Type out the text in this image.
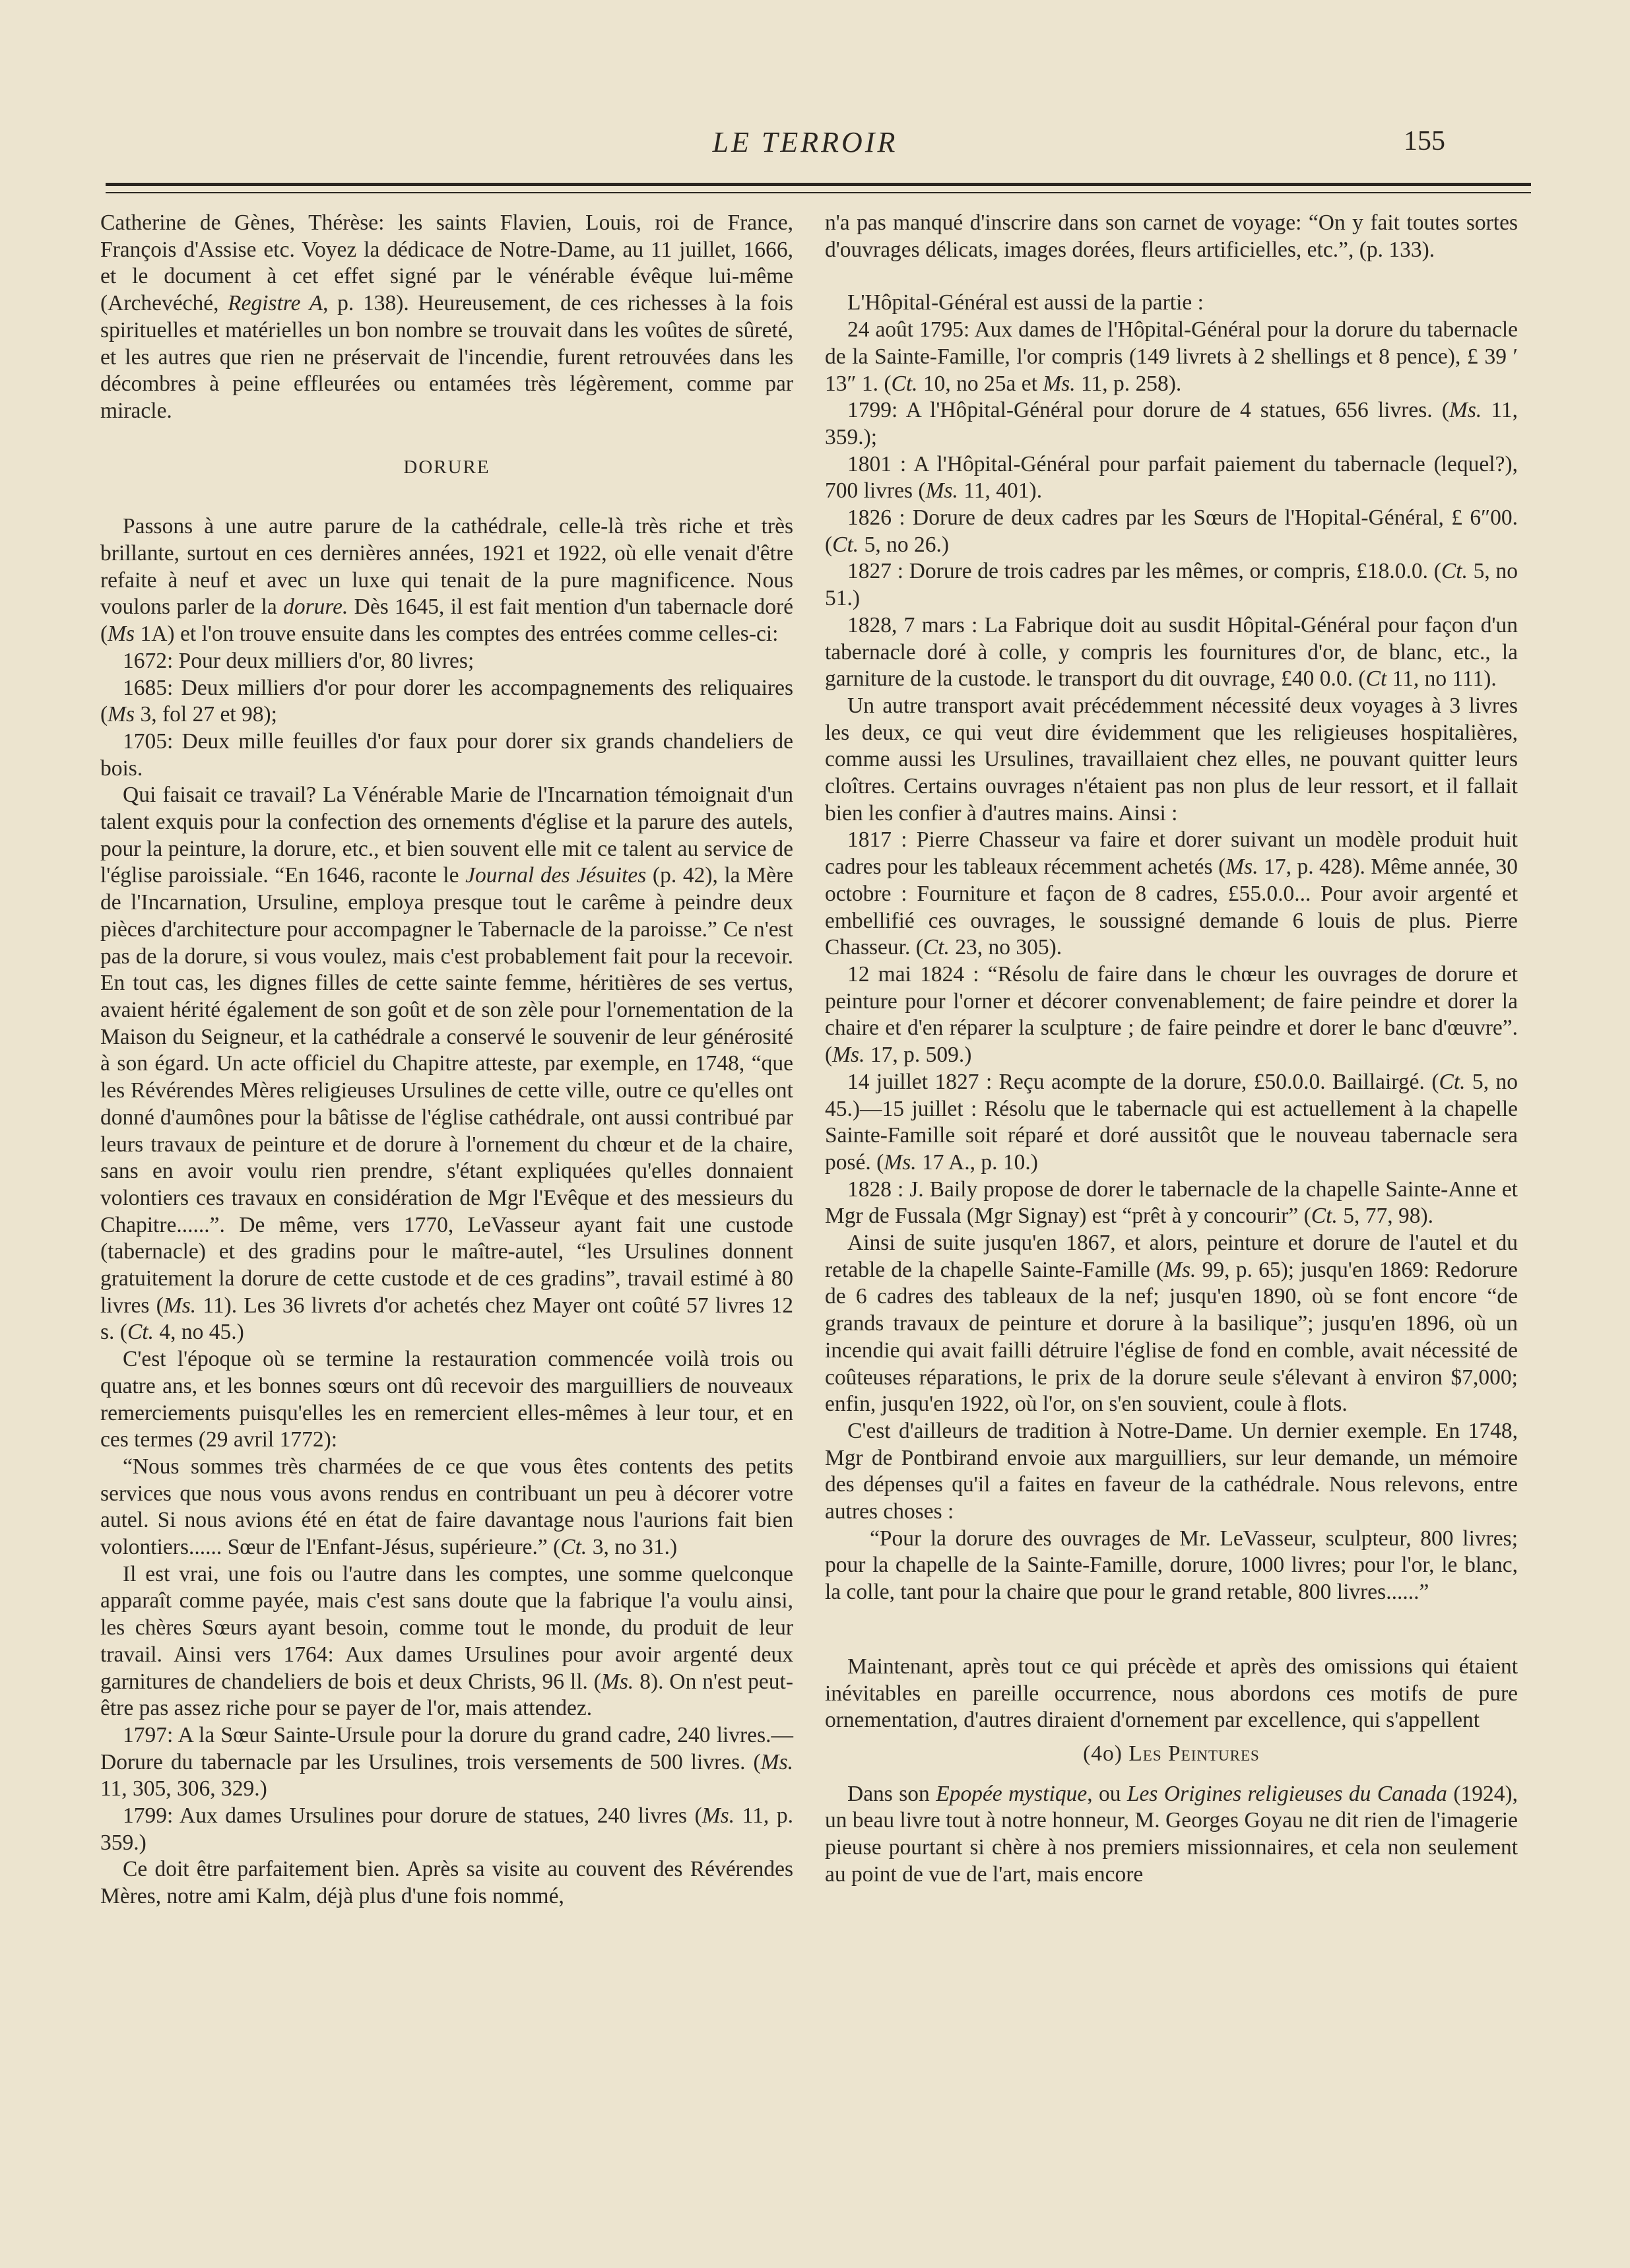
LE TERROIR	155

Catherine de Gènes, Thérèse: les saints Flavien, Louis, roi de France, François d'Assise etc. Voyez la dédicace de Notre-Dame, au 11 juillet, 1666, et le document à cet effet signé par le vénérable évêque lui-même (Archevéché, Registre A, p. 138). Heureusement, de ces richesses à la fois spirituelles et matérielles un bon nombre se trouvait dans les voûtes de sûreté, et les autres que rien ne préservait de l'incendie, furent retrouvées dans les décombres à peine effleurées ou entamées très légèrement, comme par miracle.

DORURE

Passons à une autre parure de la cathédrale, celle-là très riche et très brillante, surtout en ces dernières années, 1921 et 1922, où elle venait d'être refaite à neuf et avec un luxe qui tenait de la pure magnificence. Nous voulons parler de la dorure. Dès 1645, il est fait mention d'un tabernacle doré (Ms 1A) et l'on trouve ensuite dans les comptes des entrées comme celles-ci:

1672: Pour deux milliers d'or, 80 livres;

1685: Deux milliers d'or pour dorer les accompagnements des reliquaires (Ms 3, fol 27 et 98);

1705: Deux mille feuilles d'or faux pour dorer six grands chandeliers de bois.

Qui faisait ce travail? La Vénérable Marie de l'Incarnation témoignait d'un talent exquis pour la confection des ornements d'église et la parure des autels, pour la peinture, la dorure, etc., et bien souvent elle mit ce talent au service de l'église paroissiale. “En 1646, raconte le Journal des Jésuites (p. 42), la Mère de l'Incarnation, Ursuline, employa presque tout le carême à peindre deux pièces d'architecture pour accompagner le Tabernacle de la paroisse.” Ce n'est pas de la dorure, si vous voulez, mais c'est probablement fait pour la recevoir. En tout cas, les dignes filles de cette sainte femme, héritières de ses vertus, avaient hérité également de son goût et de son zèle pour l'ornementation de la Maison du Seigneur, et la cathédrale a conservé le souvenir de leur générosité à son égard. Un acte officiel du Chapitre atteste, par exemple, en 1748, “que les Révérendes Mères religieuses Ursulines de cette ville, outre ce qu'elles ont donné d'aumônes pour la bâtisse de l'église cathédrale, ont aussi contribué par leurs travaux de peinture et de dorure à l'ornement du chœur et de la chaire, sans en avoir voulu rien prendre, s'étant expliquées qu'elles donnaient volontiers ces travaux en considération de Mgr l'Evêque et des messieurs du Chapitre......”. De même, vers 1770, LeVasseur ayant fait une custode (tabernacle) et des gradins pour le maître-autel, “les Ursulines donnent gratuitement la dorure de cette custode et de ces gradins”, travail estimé à 80 livres (Ms. 11). Les 36 livrets d'or achetés chez Mayer ont coûté 57 livres 12 s. (Ct. 4, no 45.)

C'est l'époque où se termine la restauration commencée voilà trois ou quatre ans, et les bonnes sœurs ont dû recevoir des marguilliers de nouveaux remerciements puisqu'elles les en remercient elles-mêmes à leur tour, et en ces termes (29 avril 1772):

“Nous sommes très charmées de ce que vous êtes contents des petits services que nous vous avons rendus en contribuant un peu à décorer votre autel. Si nous avions été en état de faire davantage nous l'aurions fait bien volontiers...... Sœur de l'Enfant-Jésus, supérieure.” (Ct. 3, no 31.)

Il est vrai, une fois ou l'autre dans les comptes, une somme quelconque apparaît comme payée, mais c'est sans doute que la fabrique l'a voulu ainsi, les chères Sœurs ayant besoin, comme tout le monde, du produit de leur travail. Ainsi vers 1764: Aux dames Ursulines pour avoir argenté deux garnitures de chandeliers de bois et deux Christs, 96 ll. (Ms. 8). On n'est peut-être pas assez riche pour se payer de l'or, mais attendez.

1797: A la Sœur Sainte-Ursule pour la dorure du grand cadre, 240 livres.—Dorure du tabernacle par les Ursulines, trois versements de 500 livres. (Ms. 11, 305, 306, 329.)

1799: Aux dames Ursulines pour dorure de statues, 240 livres (Ms. 11, p. 359.)

Ce doit être parfaitement bien. Après sa visite au couvent des Révérendes Mères, notre ami Kalm, déjà plus d'une fois nommé,

n'a pas manqué d'inscrire dans son carnet de voyage: “On y fait toutes sortes d'ouvrages délicats, images dorées, fleurs artificielles, etc.”, (p. 133).

L'Hôpital-Général est aussi de la partie :

24 août 1795: Aux dames de l'Hôpital-Général pour la dorure du tabernacle de la Sainte-Famille, l'or compris (149 livrets à 2 shellings et 8 pence), £ 39 ′ 13″ 1. (Ct. 10, no 25a et Ms. 11, p. 258).

1799: A l'Hôpital-Général pour dorure de 4 statues, 656 livres. (Ms. 11, 359.);

1801 : A l'Hôpital-Général pour parfait paiement du tabernacle (lequel?), 700 livres (Ms. 11, 401).

1826 : Dorure de deux cadres par les Sœurs de l'Hopital-Général, £ 6″00. (Ct. 5, no 26.)

1827 : Dorure de trois cadres par les mêmes, or compris, £18.0.0. (Ct. 5, no 51.)

1828, 7 mars : La Fabrique doit au susdit Hôpital-Général pour façon d'un tabernacle doré à colle, y compris les fournitures d'or, de blanc, etc., la garniture de la custode. le transport du dit ouvrage, £40 0.0. (Ct 11, no 111).

Un autre transport avait précédemment nécessité deux voyages à 3 livres les deux, ce qui veut dire évidemment que les religieuses hospitalières, comme aussi les Ursulines, travaillaient chez elles, ne pouvant quitter leurs cloîtres. Certains ouvrages n'étaient pas non plus de leur ressort, et il fallait bien les confier à d'autres mains. Ainsi :

1817 : Pierre Chasseur va faire et dorer suivant un modèle produit huit cadres pour les tableaux récemment achetés (Ms. 17, p. 428). Même année, 30 octobre : Fourniture et façon de 8 cadres, £55.0.0... Pour avoir argenté et embellifié ces ouvrages, le soussigné demande 6 louis de plus. Pierre Chasseur. (Ct. 23, no 305).

12 mai 1824 : “Résolu de faire dans le chœur les ouvrages de dorure et peinture pour l'orner et décorer convenablement; de faire peindre et dorer la chaire et d'en réparer la sculpture ; de faire peindre et dorer le banc d'œuvre”. (Ms. 17, p. 509.)

14 juillet 1827 : Reçu acompte de la dorure, £50.0.0. Baillairgé. (Ct. 5, no 45.)—15 juillet : Résolu que le tabernacle qui est actuellement à la chapelle Sainte-Famille soit réparé et doré aussitôt que le nouveau tabernacle sera posé. (Ms. 17 A., p. 10.)

1828 : J. Baily propose de dorer le tabernacle de la chapelle Sainte-Anne et Mgr de Fussala (Mgr Signay) est “prêt à y concourir” (Ct. 5, 77, 98).

Ainsi de suite jusqu'en 1867, et alors, peinture et dorure de l'autel et du retable de la chapelle Sainte-Famille (Ms. 99, p. 65); jusqu'en 1869: Redorure de 6 cadres des tableaux de la nef; jusqu'en 1890, où se font encore “de grands travaux de peinture et dorure à la basilique”; jusqu'en 1896, où un incendie qui avait failli détruire l'église de fond en comble, avait nécessité de coûteuses réparations, le prix de la dorure seule s'élevant à environ $7,000; enfin, jusqu'en 1922, où l'or, on s'en souvient, coule à flots.

C'est d'ailleurs de tradition à Notre-Dame. Un dernier exemple. En 1748, Mgr de Pontbirand envoie aux marguilliers, sur leur demande, un mémoire des dépenses qu'il a faites en faveur de la cathédrale. Nous relevons, entre autres choses :

“Pour la dorure des ouvrages de Mr. LeVasseur, sculpteur, 800 livres; pour la chapelle de la Sainte-Famille, dorure, 1000 livres; pour l'or, le blanc, la colle, tant pour la chaire que pour le grand retable, 800 livres......”

Maintenant, après tout ce qui précède et après des omissions qui étaient inévitables en pareille occurrence, nous abordons ces motifs de pure ornementation, d'autres diraient d'ornement par excellence, qui s'appellent

(4o) Les Peintures

Dans son Epopée mystique, ou Les Origines religieuses du Canada (1924), un beau livre tout à notre honneur, M. Georges Goyau ne dit rien de l'imagerie pieuse pourtant si chère à nos premiers missionnaires, et cela non seulement au point de vue de l'art, mais encore
